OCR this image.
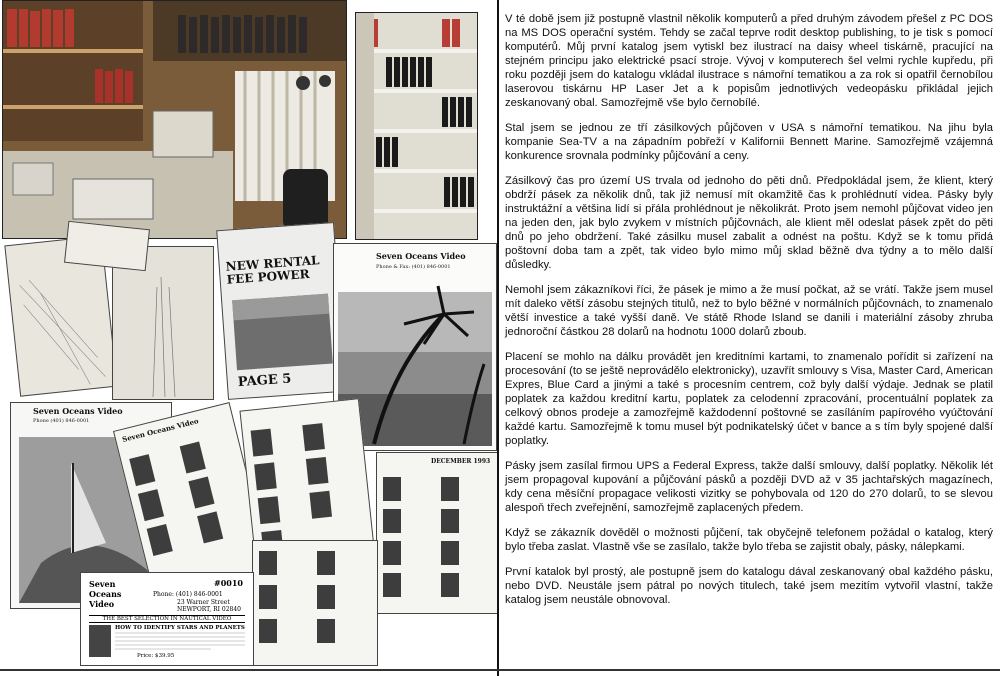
NEW RENTAL FEE POWER
PAGE 5
Seven Oceans Video
Phone & Fax: (401) 846-0001
Seven Oceans Video
Phone (401) 846-0001	Seven Oceans Video
DECEMBER 1993
Seven
Oceans
Video
#0010
Phone: (401) 846-0001
23 Warner Street
NEWPORT, RI 02840
THE BEST SELECTION IN NAUTICAL VIDEO
HOW TO IDENTIFY STARS AND PLANETS
Price: $39.95

V té době jsem již postupně vlastnil několik komputerů a před druhým závodem přešel z PC DOS na MS DOS operační systém. Tehdy se začal teprve rodit desktop publishing, to je tisk s pomocí komputérů. Můj první katalog jsem vytiskl bez ilustrací na daisy wheel tiskárně, pracující na stejném principu jako elektrické psací stroje. Vývoj v komputerech šel velmi rychle kupředu, při roku později jsem do katalogu vkládal ilustrace s námořní tematikou a za rok si opatřil černobílou laserovou tiskárnu HP Laser Jet a k popisům jednotlivých vedeopásku přikládal jejich zeskanovaný obal. Samozřejmě vše bylo černobílé.

Stal jsem se jednou ze tří zásilkových půjčoven v USA s námořní tematikou. Na jihu byla kompanie Sea-TV a na západním pobřeží v Kalifornii Bennett Marine. Samozřejmě vzájemná konkurence srovnala podmínky půjčování a ceny.

Zásilkový čas pro území US trvala od jednoho do pěti dnů. Předpokládal jsem, že klient, který obdrží pásek za několik dnů, tak již nemusí mít okamžitě čas k prohlédnutí videa. Pásky byly instruktážní a většina lidí si přála prohlédnout je několikrát. Proto jsem nemohl půjčovat video jen na jeden den, jak bylo zvykem v místních půjčovnách, ale klient měl odeslat pásek zpět do pěti dnů po jeho obdržení. Také zásilku musel zabalit a odnést na poštu. Když se k tomu přidá poštovní doba tam a zpět, tak video bylo mimo můj sklad běžně dva týdny a to mělo další důsledky.

Nemohl jsem zákazníkovi říci, že pásek je mimo a že musí počkat, až se vrátí. Takže jsem musel mít daleko větší zásobu stejných titulů, než to bylo běžné v normálních půjčovnách, to znamenalo větší investice a také vyšší daně. Ve státě Rhode Island se danili i materiální zásoby zhruba jednoroční částkou 28 dolarů na hodnotu 1000 dolarů zboub.

Placení se mohlo na dálku provádět jen kreditními kartami, to znamenalo pořídit si zařízení na procesování (to se ještě neprovádělo elektronicky), uzavřít smlouvy s Visa, Master Card, American Expres, Blue Card a jinými a také s procesním centrem, což byly další výdaje. Jednak se platil poplatek za každou kreditní kartu, poplatek za celodenní zpracování, procentuální poplatek za celkový obnos prodeje a zamozřejmě každodenní poštovné se zasíláním papírového vyúčtování každé kartu. Samozřejmě k tomu musel být podnikatelský účet v bance a s tím byly spojené další poplatky.

Pásky jsem zasílal firmou UPS a Federal Express, takže další smlouvy, další poplatky. Několik lét jsem propagoval kupování a půjčování pásků a později DVD až v 35 jachtařských magazínech, kdy cena měsíční propagace velikosti vizitky se pohybovala od 120 do 270 dolarů, to se slevou alespoň třech zveřejnění, samozřejmě zaplacených předem.

Když se zákazník dověděl o možnosti půjčení, tak obyčejně telefonem požádal o katalog, který bylo třeba zaslat. Vlastně vše se zasílalo, takže bylo třeba se zajistit obaly, pásky, nálepkami.

První katalok byl prostý, ale postupně jsem do katalogu dával zeskanovaný obal každého pásku, nebo DVD. Neustále jsem pátral po nových titulech, také jsem mezitím vytvořil vlastní, takže katalog jsem neustále obnovoval.
